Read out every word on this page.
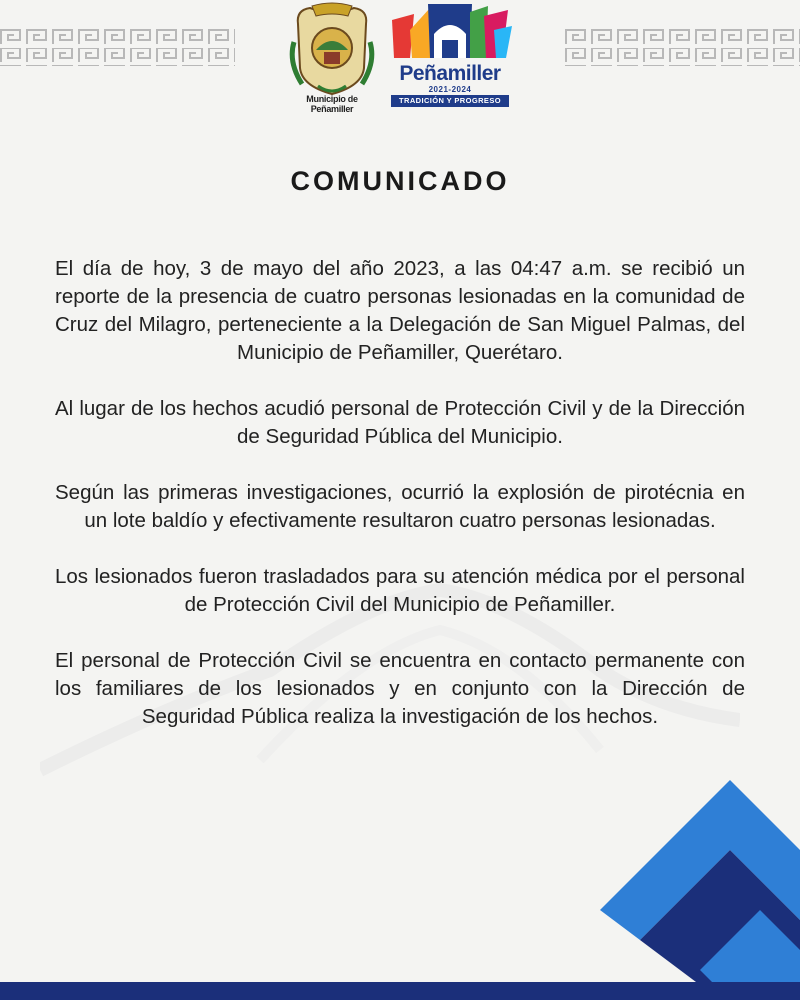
Municipio de Peñamiller
Peñamiller
2021-2024
TRADICIÓN Y PROGRESO
COMUNICADO

El día de hoy, 3 de mayo del año 2023, a las 04:47 a.m. se recibió un reporte de la presencia de cuatro personas lesionadas en la comunidad de Cruz del Milagro, perteneciente a la Delegación de San Miguel Palmas, del Municipio de Peñamiller, Querétaro.

Al lugar de los hechos acudió personal de Protección Civil y de la Dirección de Seguridad Pública del Municipio.

Según las primeras investigaciones, ocurrió la explosión de pirotécnia en un lote baldío y efectivamente resultaron cuatro personas lesionadas.

Los lesionados fueron trasladados para su atención médica por el personal de Protección Civil del Municipio de Peñamiller.

El personal de Protección Civil se encuentra en contacto permanente con los familiares de los lesionados y en conjunto con la Dirección de Seguridad Pública realiza la investigación de los hechos.
